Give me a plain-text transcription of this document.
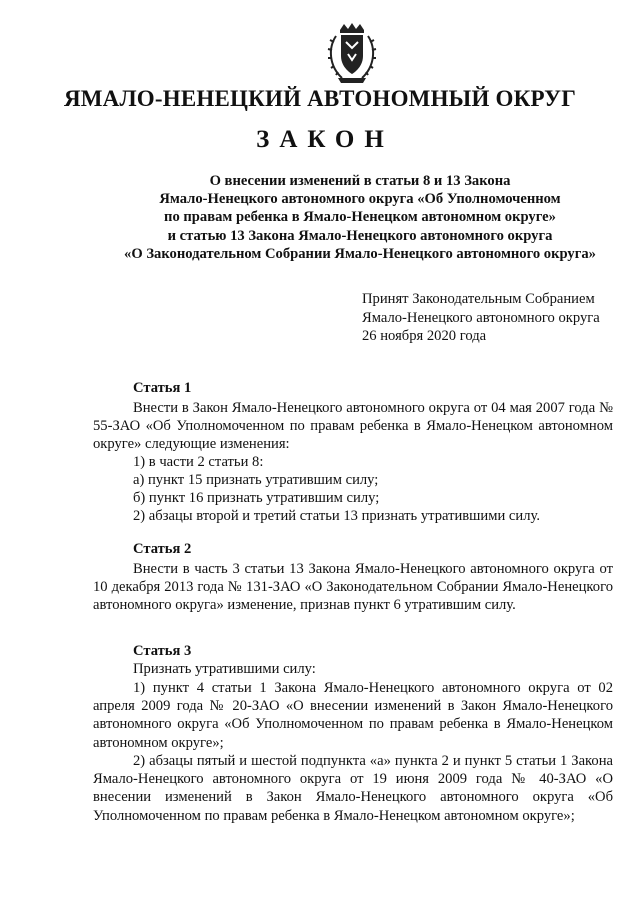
ЯМАЛО-НЕНЕЦКИЙ АВТОНОМНЫЙ ОКРУГ
ЗАКОН
О внесении изменений в статьи 8 и 13 Закона
Ямало-Ненецкого автономного округа «Об Уполномоченном
по правам ребенка в Ямало-Ненецком автономном округе»
и статью 13 Закона Ямало-Ненецкого автономного округа
«О Законодательном Собрании Ямало-Ненецкого автономного округа»
Принят Законодательным Собранием
Ямало-Ненецкого автономного округа
26 ноября 2020 года
Статья 1
Внести в Закон Ямало-Ненецкого автономного округа от 04 мая 2007 года № 55-ЗАО «Об Уполномоченном по правам ребенка в Ямало-Ненецком автономном округе» следующие изменения:
1) в части 2 статьи 8:
а) пункт 15 признать утратившим силу;
б) пункт 16 признать утратившим силу;
2) абзацы второй и третий статьи 13 признать утратившими силу.
Статья 2
Внести в часть 3 статьи 13 Закона Ямало-Ненецкого автономного округа от 10 декабря 2013 года № 131-ЗАО «О Законодательном Собрании Ямало-Ненецкого автономного округа» изменение, признав пункт 6 утратившим силу.
Статья 3
Признать утратившими силу:
1) пункт 4 статьи 1 Закона Ямало-Ненецкого автономного округа от 02 апреля 2009 года № 20-ЗАО «О внесении изменений в Закон Ямало-Ненецкого автономного округа «Об Уполномоченном по правам ребенка в Ямало-Ненецком автономном округе»;
2) абзацы пятый и шестой подпункта «а» пункта 2 и пункт 5 статьи 1 Закона Ямало-Ненецкого автономного округа от 19 июня 2009 года № 40-ЗАО «О внесении изменений в Закон Ямало-Ненецкого автономного округа «Об Уполномоченном по правам ребенка в Ямало-Ненецком автономном округе»;
